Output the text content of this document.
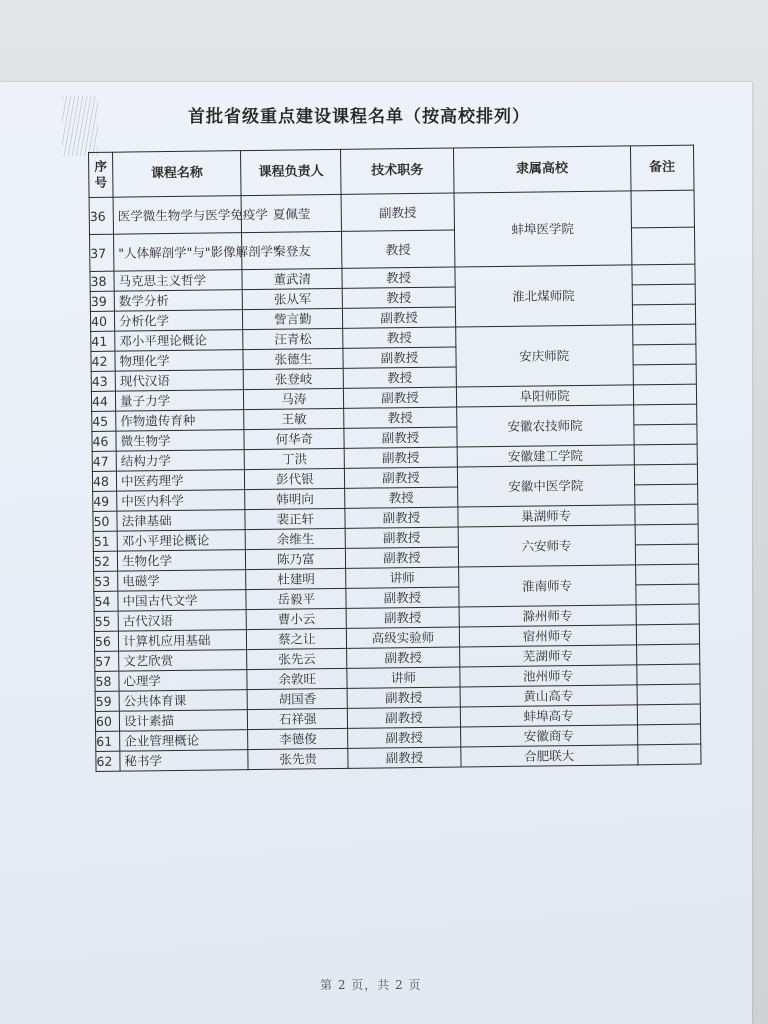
首批省级重点建设课程名单（按高校排列）
序号	课程名称	课程负责人	技术职务	隶属高校	备注
36	医学微生物学与医学免疫学	夏佩莹	副教授	蚌埠医学院	
37	"人体解剖学"与"影像解剖学"	秦登友	教授		
38	马克思主义哲学	董武清	教授	淮北煤师院	
39	数学分析	张从军	教授		
40	分析化学	訾言勤	副教授		
41	邓小平理论概论	汪青松	教授	安庆师院	
42	物理化学	张德生	副教授		
43	现代汉语	张登岐	教授		
44	量子力学	马涛	副教授	阜阳师院	
45	作物遗传育种	王敏	教授	安徽农技师院	
46	微生物学	何华奇	副教授		
47	结构力学	丁洪	副教授	安徽建工学院	
48	中医药理学	彭代银	副教授	安徽中医学院	
49	中医内科学	韩明向	教授		
50	法律基础	裴正轩	副教授	巢湖师专	
51	邓小平理论概论	余维生	副教授	六安师专	
52	生物化学	陈乃富	副教授		
53	电磁学	杜建明	讲师	淮南师专	
54	中国古代文学	岳毅平	副教授		
55	古代汉语	曹小云	副教授	滁州师专	
56	计算机应用基础	蔡之让	高级实验师	宿州师专	
57	文艺欣赏	张先云	副教授	芜湖师专	
58	心理学	余敦旺	讲师	池州师专	
59	公共体育课	胡国香	副教授	黄山高专	
60	设计素描	石祥强	副教授	蚌埠高专	
61	企业管理概论	李德俊	副教授	安徽商专	
62	秘书学	张先贵	副教授	合肥联大	
第 2 页，共 2 页
